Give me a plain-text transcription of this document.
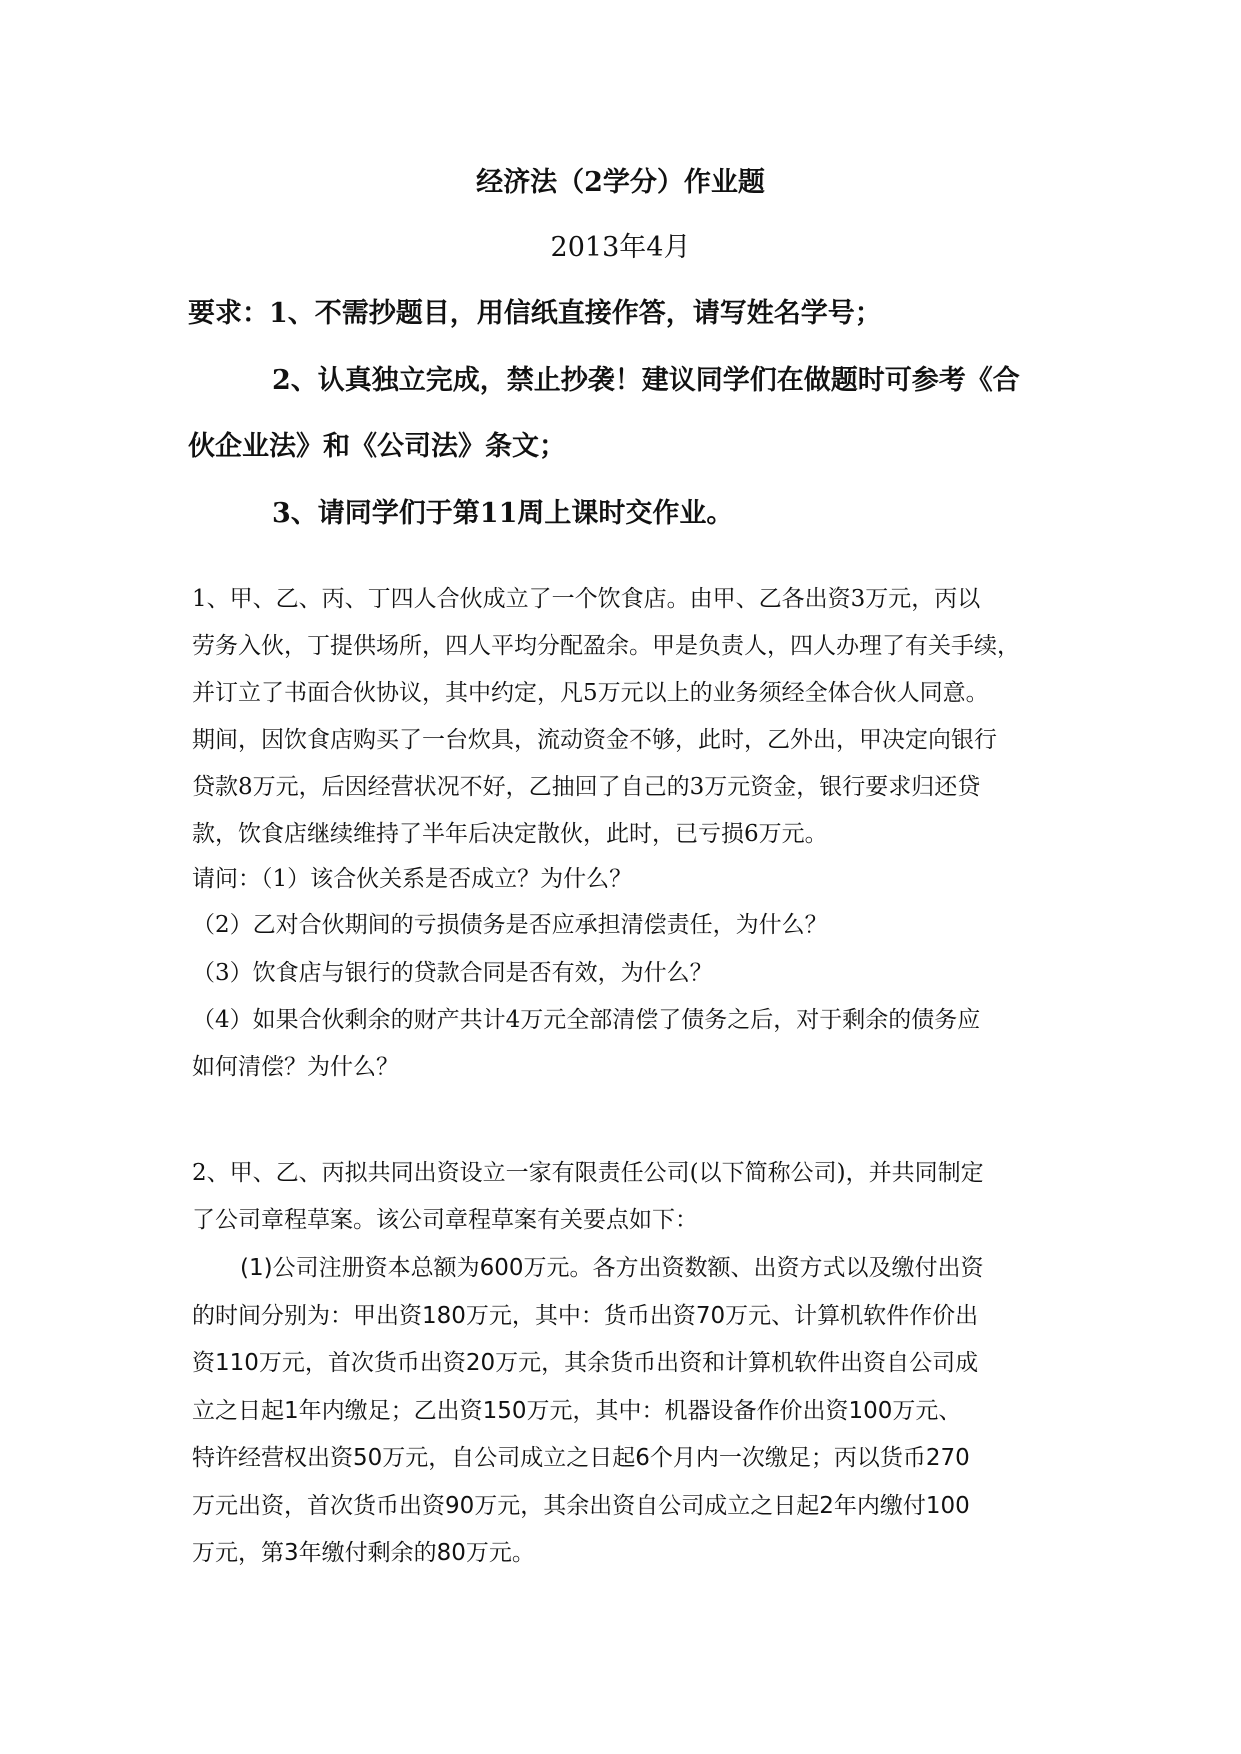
经济法（2学分）作业题
2013年4月
要求：1、不需抄题目，用信纸直接作答，请写姓名学号；
2、认真独立完成，禁止抄袭！建议同学们在做题时可参考《合
伙企业法》和《公司法》条文；
3、请同学们于第11周上课时交作业。
1、甲、乙、丙、丁四人合伙成立了一个饮食店。由甲、乙各出资3万元，丙以
劳务入伙，丁提供场所，四人平均分配盈余。甲是负责人，四人办理了有关手续，
并订立了书面合伙协议，其中约定，凡5万元以上的业务须经全体合伙人同意。
期间，因饮食店购买了一台炊具，流动资金不够，此时，乙外出，甲决定向银行
贷款8万元，后因经营状况不好，乙抽回了自己的3万元资金，银行要求归还贷
款，饮食店继续维持了半年后决定散伙，此时，已亏损6万元。
请问：（1）该合伙关系是否成立？为什么？
（2）乙对合伙期间的亏损债务是否应承担清偿责任，为什么？
（3）饮食店与银行的贷款合同是否有效，为什么？
（4）如果合伙剩余的财产共计4万元全部清偿了债务之后，对于剩余的债务应
如何清偿？为什么？
2、甲、乙、丙拟共同出资设立一家有限责任公司(以下简称公司)，并共同制定
了公司章程草案。该公司章程草案有关要点如下：
(1)公司注册资本总额为600万元。各方出资数额、出资方式以及缴付出资
的时间分别为：甲出资180万元，其中：货币出资70万元、计算机软件作价出
资110万元，首次货币出资20万元，其余货币出资和计算机软件出资自公司成
立之日起1年内缴足；乙出资150万元，其中：机器设备作价出资100万元、
特许经营权出资50万元，自公司成立之日起6个月内一次缴足；丙以货币270
万元出资，首次货币出资90万元，其余出资自公司成立之日起2年内缴付100
万元，第3年缴付剩余的80万元。
